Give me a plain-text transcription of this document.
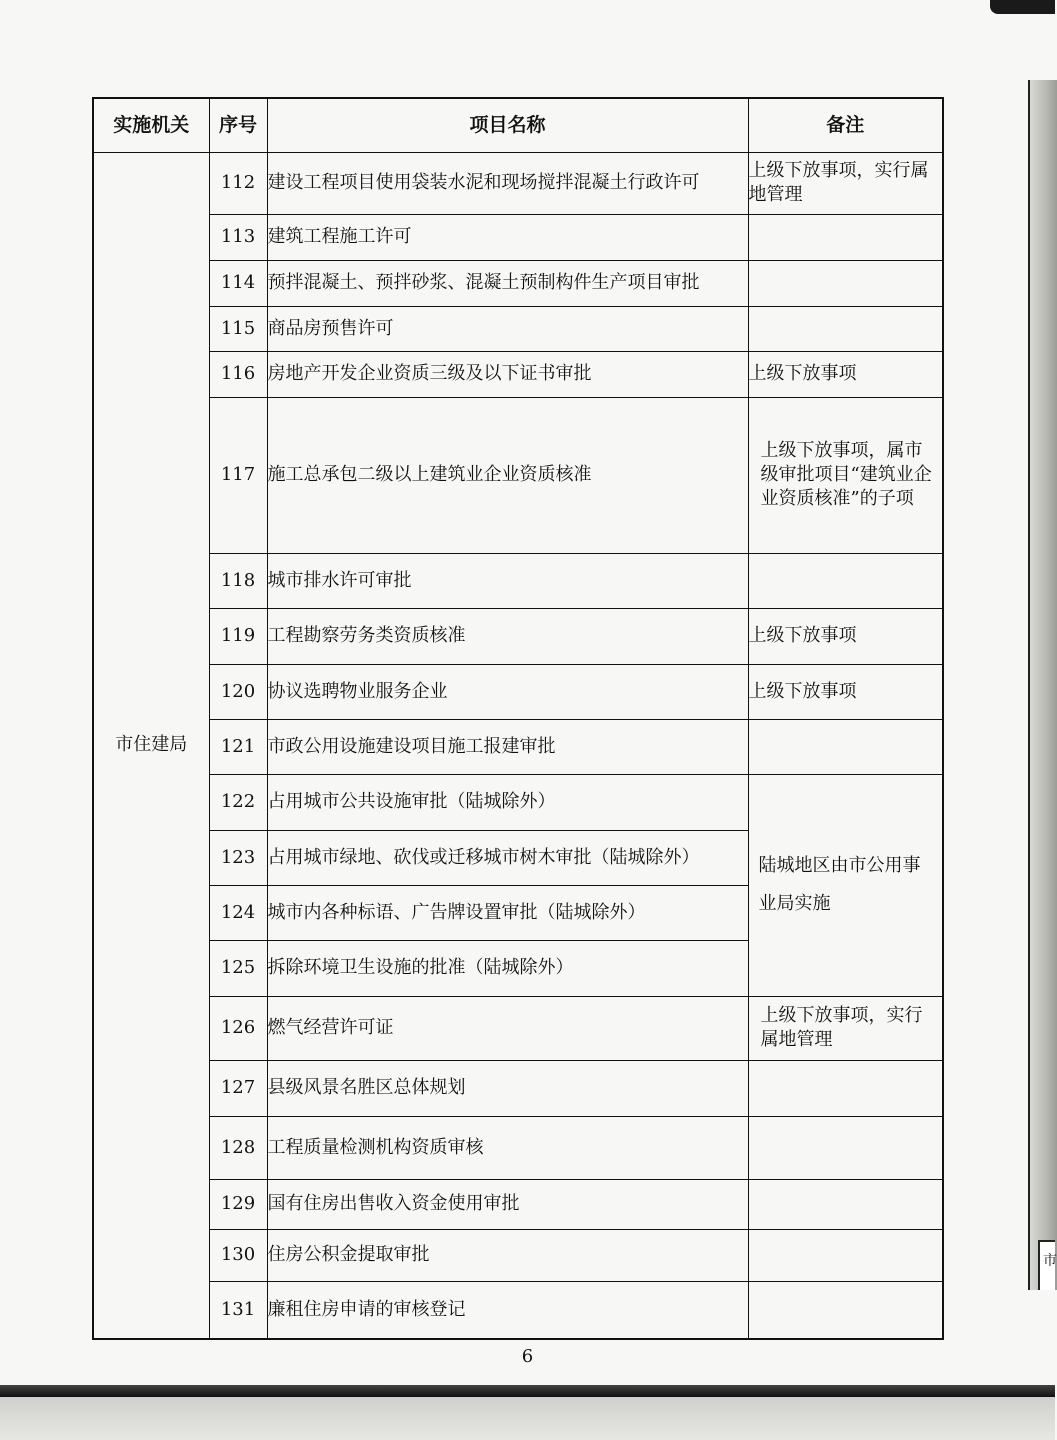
市
实施机关	序号	项目名称	备注
市住建局	112	建设工程项目使用袋装水泥和现场搅拌混凝土行政许可	上级下放事项，实行属地管理
	113	建筑工程施工许可	
	114	预拌混凝土、预拌砂浆、混凝土预制构件生产项目审批	
	115	商品房预售许可	
	116	房地产开发企业资质三级及以下证书审批	上级下放事项
	117	施工总承包二级以上建筑业企业资质核准	上级下放事项，属市级审批项目“建筑业企业资质核准”的子项
	118	城市排水许可审批	
	119	工程勘察劳务类资质核准	上级下放事项
	120	协议选聘物业服务企业	上级下放事项
	121	市政公用设施建设项目施工报建审批	
	122	占用城市公共设施审批（陆城除外）	陆城地区由市公用事业局实施
	123	占用城市绿地、砍伐或迁移城市树木审批（陆城除外）	
	124	城市内各种标语、广告牌设置审批（陆城除外）	
	125	拆除环境卫生设施的批准（陆城除外）	
	126	燃气经营许可证	上级下放事项，实行属地管理
	127	县级风景名胜区总体规划	
	128	工程质量检测机构资质审核	
	129	国有住房出售收入资金使用审批	
	130	住房公积金提取审批	
	131	廉租住房申请的审核登记	
6
